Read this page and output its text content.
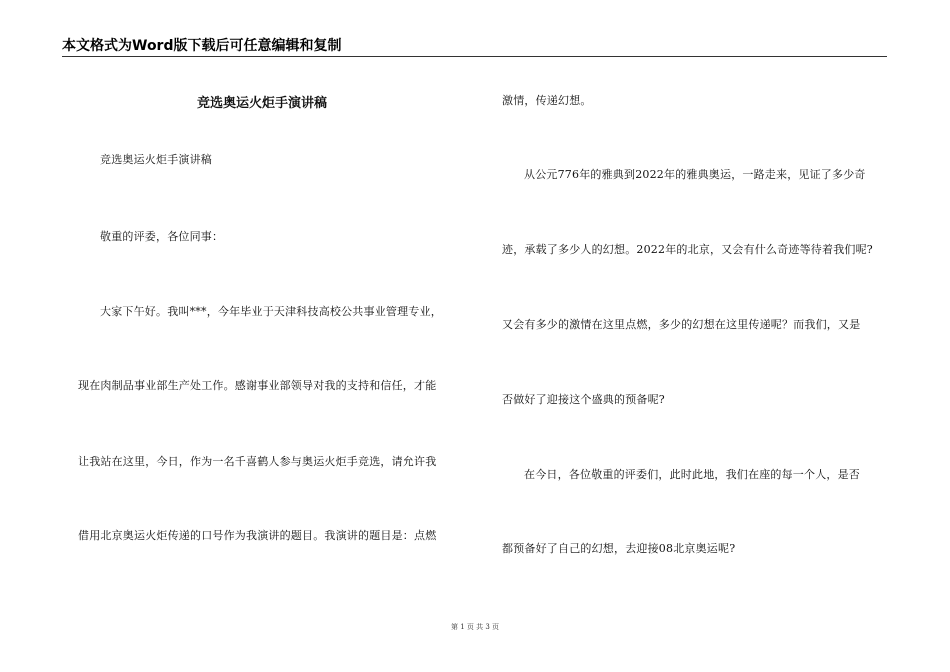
本文格式为Word版下载后可任意编辑和复制
竞选奥运火炬手演讲稿
竞选奥运火炬手演讲稿
敬重的评委，各位同事：
大家下午好。我叫***，今年毕业于天津科技高校公共事业管理专业，
现在肉制品事业部生产处工作。感谢事业部领导对我的支持和信任，才能
让我站在这里，今日，作为一名千喜鹤人参与奥运火炬手竞选，请允许我
借用北京奥运火炬传递的口号作为我演讲的题目。我演讲的题目是：点燃
激情，传递幻想。
从公元776年的雅典到2022年的雅典奥运，一路走来，见证了多少奇
迹，承载了多少人的幻想。2022年的北京，又会有什么奇迹等待着我们呢?
又会有多少的激情在这里点燃，多少的幻想在这里传递呢？而我们，又是
否做好了迎接这个盛典的预备呢?
在今日，各位敬重的评委们，此时此地，我们在座的每一个人，是否
都预备好了自己的幻想，去迎接08北京奥运呢?
第 1 页 共 3 页
